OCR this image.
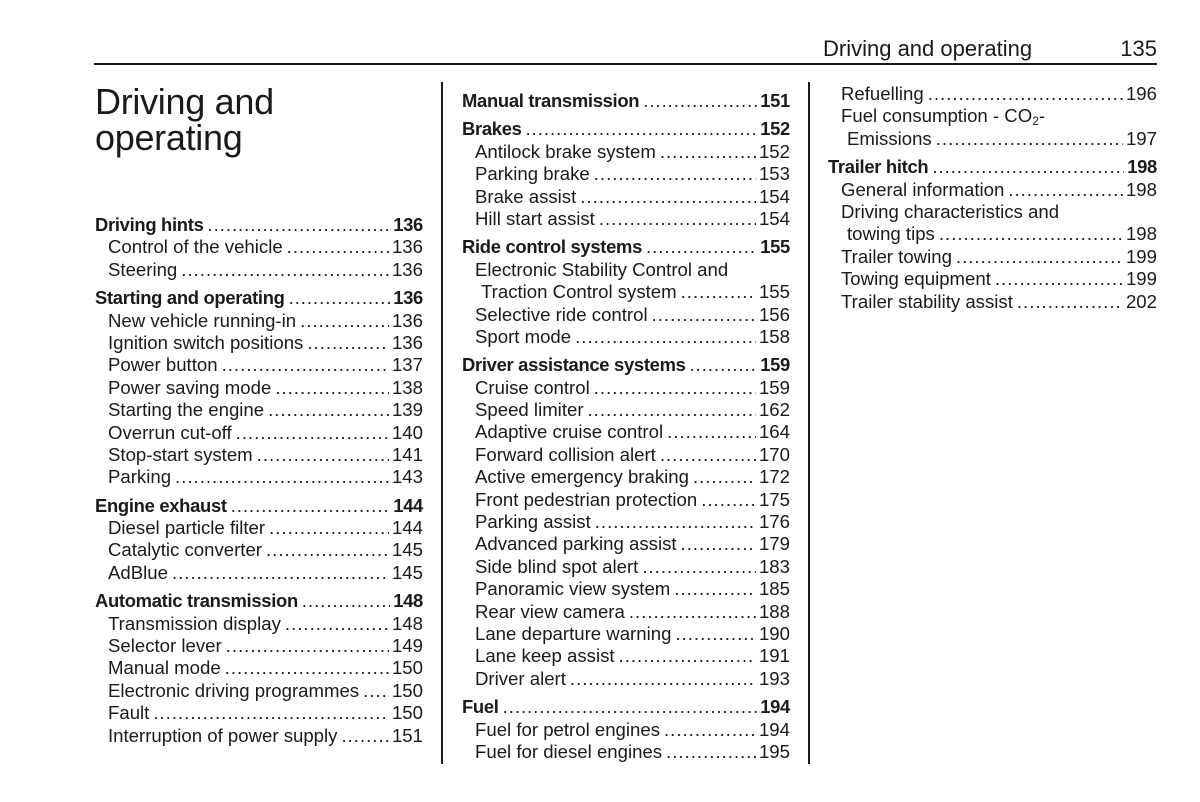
Driving and operating	135
Driving and
operating
Driving hints .....	136
Control of the vehicle .....	136
Steering .....	136
Starting and operating .....	136
New vehicle running-in .....	136
Ignition switch positions .....	136
Power button .....	137
Power saving mode .....	138
Starting the engine .....	139
Overrun cut-off .....	140
Stop-start system .....	141
Parking .....	143
Engine exhaust .....	144
Diesel particle filter .....	144
Catalytic converter .....	145
AdBlue .....	145
Automatic transmission .....	148
Transmission display .....	148
Selector lever .....	149
Manual mode .....	150
Electronic driving programmes ..... 150
Fault .....	150
Interruption of power supply .....	151
Manual transmission .....	151
Brakes .....	152
Antilock brake system .....	152
Parking brake .....	153
Brake assist .....	154
Hill start assist .....	154
Ride control systems .....	155
Electronic Stability Control and
Traction Control system .....	155
Selective ride control .....	156
Sport mode .....	158
Driver assistance systems .....	159
Cruise control .....	159
Speed limiter .....	162
Adaptive cruise control .....	164
Forward collision alert .....	170
Active emergency braking .....	172
Front pedestrian protection .....	175
Parking assist .....	176
Advanced parking assist .....	179
Side blind spot alert .....	183
Panoramic view system .....	185
Rear view camera .....	188
Lane departure warning .....	190
Lane keep assist .....	191
Driver alert .....	193
Fuel .....	194
Fuel for petrol engines .....	194
Fuel for diesel engines .....	195
Refuelling .....	196
Fuel consumption - $CO_2-$
Emissions .....	197
Trailer hitch .....	198
General information .....	198
Driving characteristics and
towing tips .....	198
Trailer towing .....	199
Towing equipment .....	199
Trailer stability assist .....	202
